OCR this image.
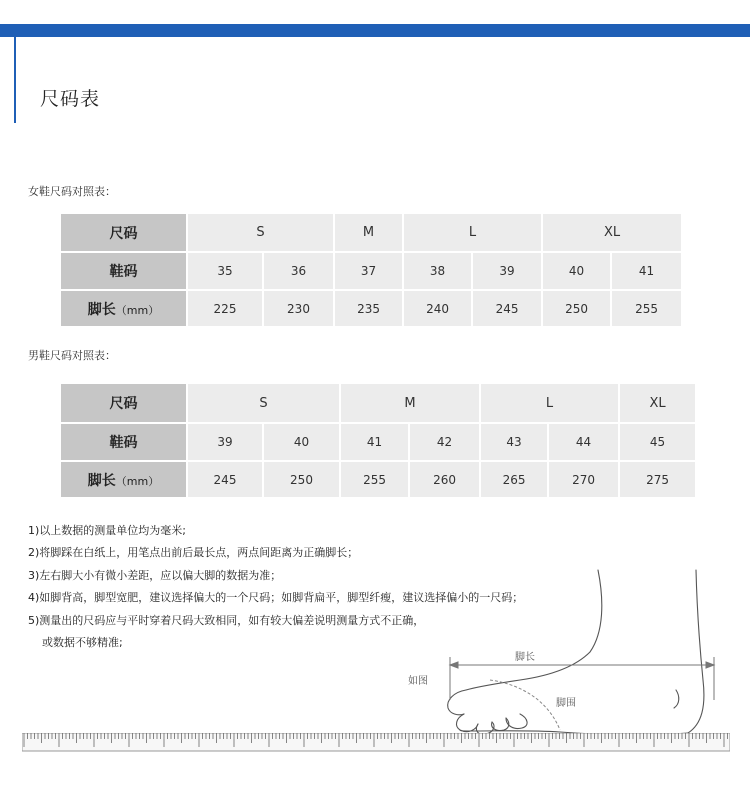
尺码表
女鞋尺码对照表：
尺码	S		M	L		XL	
鞋码	35	36	37	38	39	40	41
脚长（mm）	225	230	235	240	245	250	255
男鞋尺码对照表：
尺码	S		M		L		XL
鞋码	39	40	41	42	43	44	45
脚长（mm）	245	250	255	260	265	270	275
脚长
脚围
如图
1)以上数据的测量单位均为毫米;
2)将脚踩在白纸上，用笔点出前后最长点，两点间距离为正确脚长；
3)左右脚大小有微小差距，应以偏大脚的数据为准；
4)如脚背高，脚型宽肥，建议选择偏大的一个尺码；如脚背扁平，脚型纤瘦，建议选择偏小的一尺码；
5)测量出的尺码应与平时穿着尺码大致相同，如有较大偏差说明测量方式不正确，
或数据不够精准;
